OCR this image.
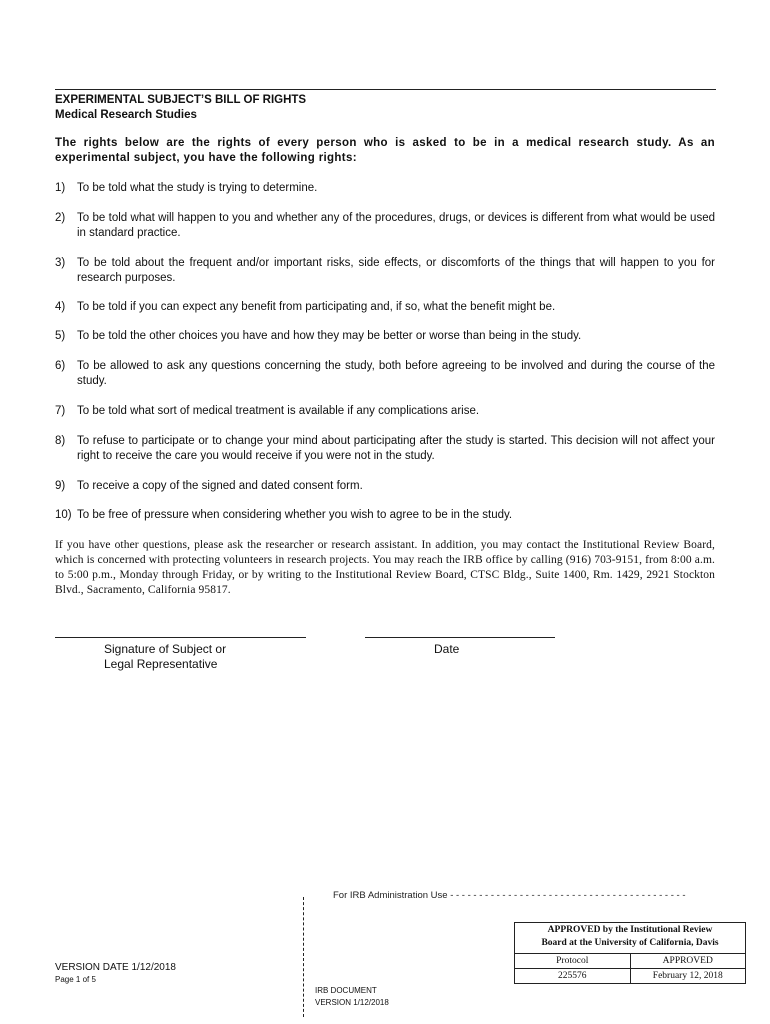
EXPERIMENTAL SUBJECT’S BILL OF RIGHTS
Medical Research Studies
The rights below are the rights of every person who is asked to be in a medical research study. As an experimental subject, you have the following rights:
1)	To be told what the study is trying to determine.
2)	To be told what will happen to you and whether any of the procedures, drugs, or devices is different from what would be used in standard practice.
3)	To be told about the frequent and/or important risks, side effects, or discomforts of the things that will happen to you for research purposes.
4)	To be told if you can expect any benefit from participating and, if so, what the benefit might be.
5)	To be told the other choices you have and how they may be better or worse than being in the study.
6)	To be allowed to ask any questions concerning the study, both before agreeing to be involved and during the course of the study.
7)	To be told what sort of medical treatment is available if any complications arise.
8)	To refuse to participate or to change your mind about participating after the study is started. This decision will not affect your right to receive the care you would receive if you were not in the study.
9)	To receive a copy of the signed and dated consent form.
10) To be free of pressure when considering whether you wish to agree to be in the study.
If you have other questions, please ask the researcher or research assistant. In addition, you may contact the Institutional Review Board, which is concerned with protecting volunteers in research projects. You may reach the IRB office by calling (916) 703-9151, from 8:00 a.m. to 5:00 p.m., Monday through Friday, or by writing to the Institutional Review Board, CTSC Bldg., Suite 1400, Rm. 1429, 2921 Stockton Blvd., Sacramento, California 95817.
Signature of Subject or
Legal Representative
Date
For IRB Administration Use - - - - - - - - - - - - - - - - - - - - - - - - - - - - - - - - - - - - - - - - -
APPROVED by the Institutional Review
Board at the University of California, Davis
Protocol	APPROVED
225576	February 12, 2018
VERSION DATE 1/12/2018
Page 1 of 5
IRB DOCUMENT
VERSION 1/12/2018
